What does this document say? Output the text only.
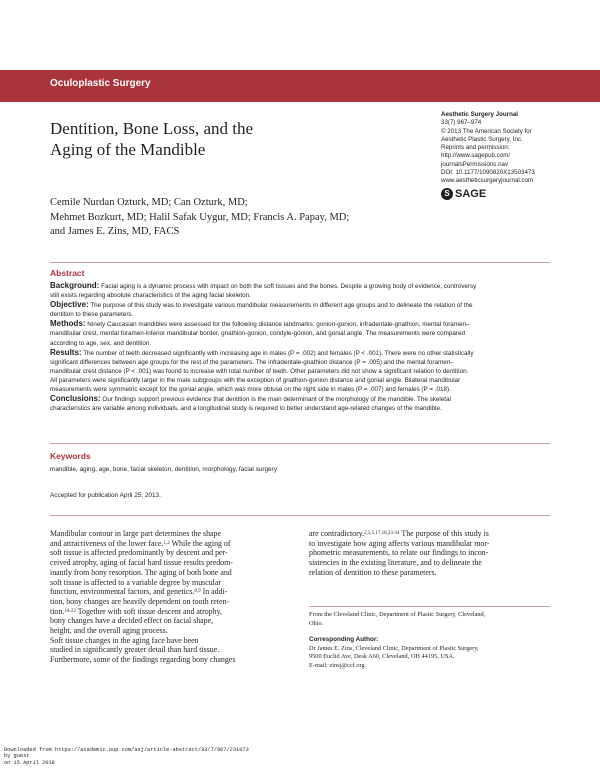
Oculoplastic Surgery
Dentition, Bone Loss, and the
Aging of the Mandible
Aesthetic Surgery Journal
33(7) 967–974
© 2013 The American Society for
Aesthetic Plastic Surgery, Inc.
Reprints and permission:
http://www.sagepub.com/
journalsPermissions.nav
DOI: 10.1177/1090820X13503473
www.aestheticsurgeryjournal.com
S SAGE
Cemile Nurdan Ozturk, MD; Can Ozturk, MD;
Mehmet Bozkurt, MD; Halil Safak Uygur, MD; Francis A. Papay, MD;
and James E. Zins, MD, FACS
Abstract
Background: Facial aging is a dynamic process with impact on both the soft tissues and the bones. Despite a growing body of evidence, controversy
still exists regarding absolute characteristics of the aging facial skeleton.
Objective: The purpose of this study was to investigate various mandibular measurements in different age groups and to delineate the relation of the
dentition to these parameters.
Methods: Ninety Caucasian mandibles were assessed for the following distance landmarks: gonion-gonion, infradentale-gnathion, mental foramen–
mandibular crest, mental foramen-inferior mandibular border, gnathion-gonion, condyle-gonion, and gonial angle. The measurements were compared
according to age, sex, and dentition.
Results: The number of teeth decreased significantly with increasing age in males (P = .002) and females (P < .001). There were no other statistically
significant differences between age groups for the rest of the parameters. The infradentale-gnathion distance (P = .005) and the mental foramen–
mandibular crest distance (P < .001) was found to increase with total number of teeth. Other parameters did not show a significant relation to dentition.
All parameters were significantly larger in the male subgroups with the exception of gnathion-gonion distance and gonial angle. Bilateral mandibular
measurements were symmetric except for the gonial angle, which was more obtuse on the right side in males (P = .007) and females (P = .018).
Conclusions: Our findings support previous evidence that dentition is the main determinant of the morphology of the mandible. The skeletal
characteristics are variable among individuals, and a longitudinal study is required to better understand age-related changes of the mandible.
Keywords
mandible, aging, age, bone, facial skeleton, dentition, morphology, facial surgery
Accepted for publication April 25, 2013.
Mandibular contour in large part determines the shape
and attractiveness of the lower face.$^{1,2}$ While the aging of
soft tissue is affected predominantly by descent and per-
ceived atrophy, aging of facial hard tissue results predom-
inantly from bony resorption. The aging of both bone and
soft tissue is affected to a variable degree by muscular
function, environmental factors, and genetics.$^{8,9}$ In addi-
tion, bony changes are heavily dependent on tooth reten-
tion.$^{10-22}$ Together with soft tissue descent and atrophy,
bony changes have a decided effect on facial shape,
height, and the overall aging process.
Soft tissue changes in the aging face have been
studied in significantly greater detail than hard tissue.
Furthermore, some of the findings regarding bony changes
are contradictory.$^{2,3,5,17,18,23-34}$ The purpose of this study is
to investigate how aging affects various mandibular mor-
phometric measurements, to relate our findings to incon-
sistencies in the existing literature, and to delineate the
relation of dentition to these parameters.
From the Cleveland Clinic, Department of Plastic Surgery, Cleveland,
Ohio.
Corresponding Author:
Dr James E. Zins, Cleveland Clinic, Department of Plastic Surgery,
9500 Euclid Ave, Desk A60, Cleveland, OH 44195, USA.
E-mail: zinsj@ccf.org
Downloaded from https://academic.oup.com/asj/article-abstract/33/7/967/231073
by guest
on 15 April 2018
